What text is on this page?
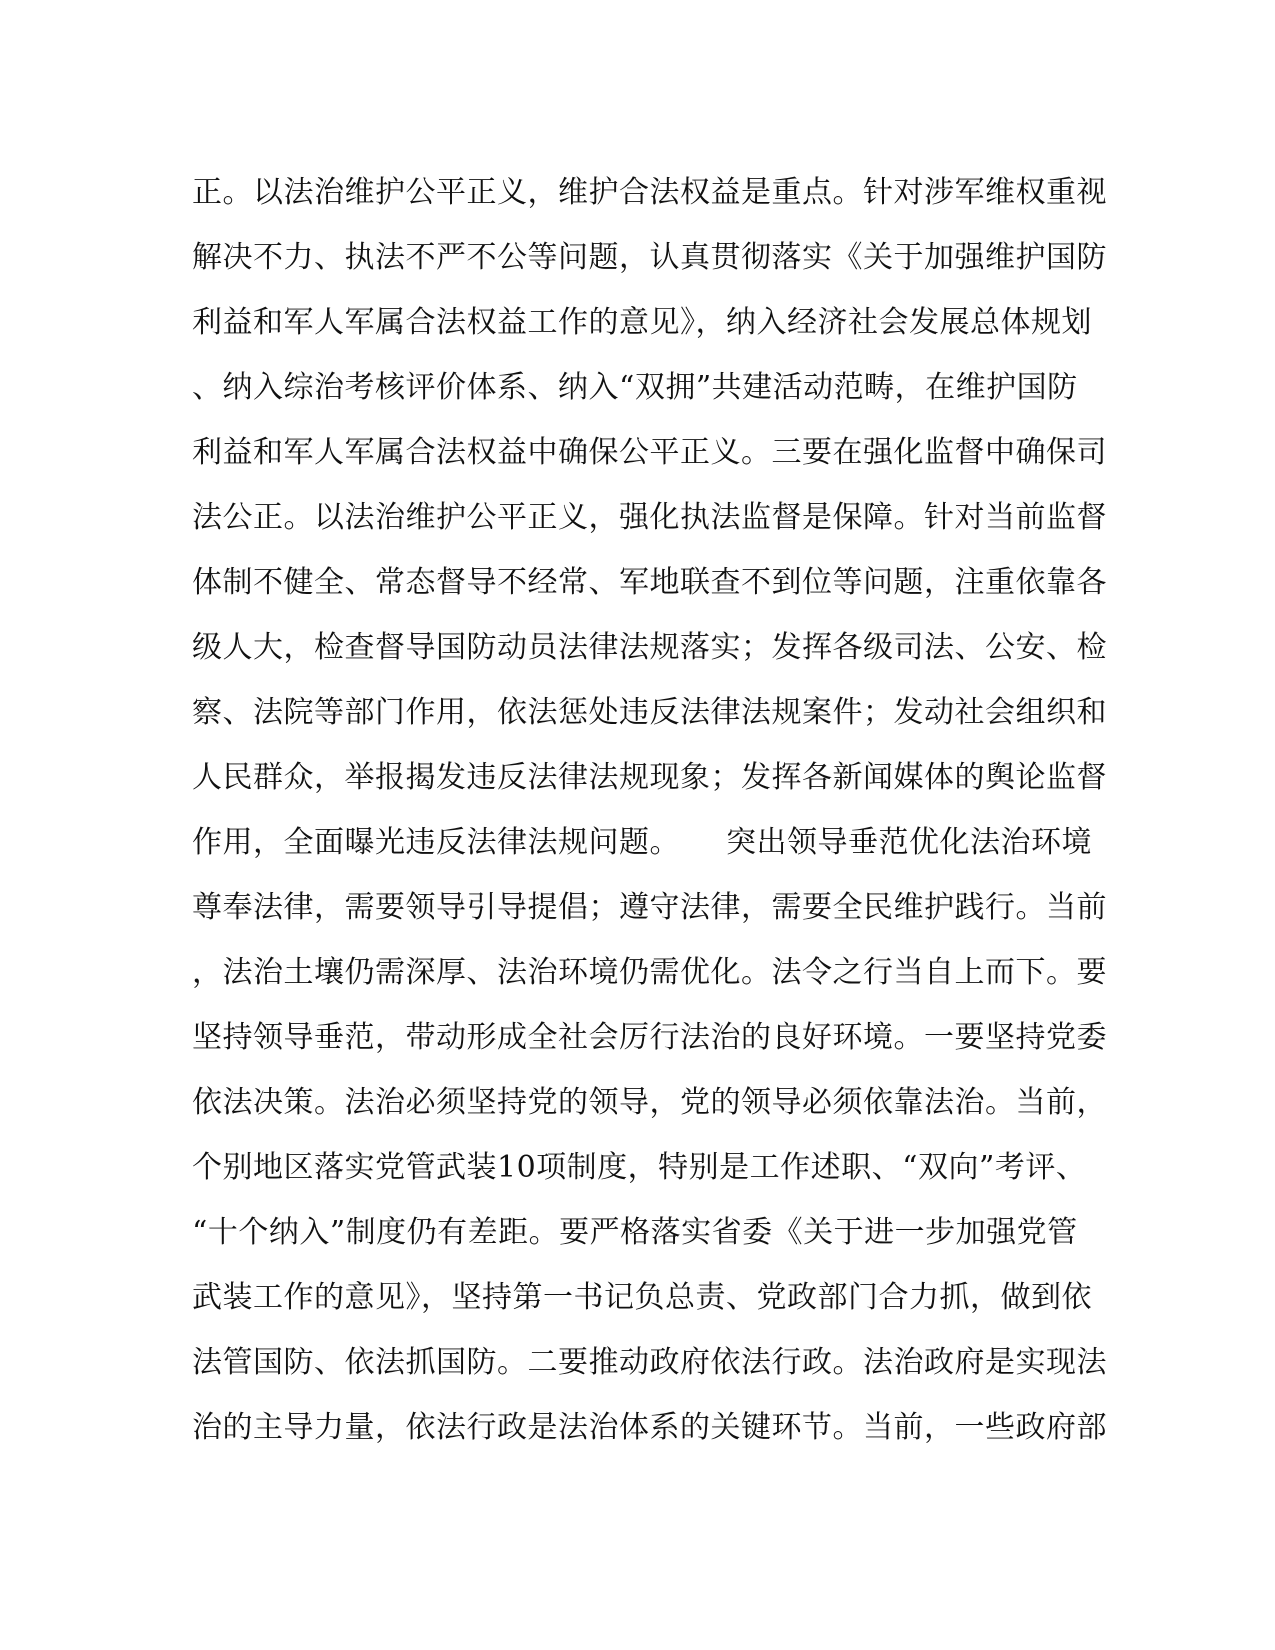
正。以法治维护公平正义，维护合法权益是重点。针对涉军维权重视
解决不力、执法不严不公等问题，认真贯彻落实《关于加强维护国防
利益和军人军属合法权益工作的意见》，纳入经济社会发展总体规划
、纳入综治考核评价体系、纳入“双拥”共建活动范畴，在维护国防
利益和军人军属合法权益中确保公平正义。三要在强化监督中确保司
法公正。以法治维护公平正义，强化执法监督是保障。针对当前监督
体制不健全、常态督导不经常、军地联查不到位等问题，注重依靠各
级人大，检查督导国防动员法律法规落实；发挥各级司法、公安、检
察、法院等部门作用，依法惩处违反法律法规案件；发动社会组织和
人民群众，举报揭发违反法律法规现象；发挥各新闻媒体的舆论监督
作用，全面曝光违反法律法规问题。　　突出领导垂范优化法治环境
尊奉法律，需要领导引导提倡；遵守法律，需要全民维护践行。当前
，法治土壤仍需深厚、法治环境仍需优化。法令之行当自上而下。要
坚持领导垂范，带动形成全社会厉行法治的良好环境。一要坚持党委
依法决策。法治必须坚持党的领导，党的领导必须依靠法治。当前，
个别地区落实党管武装10项制度，特别是工作述职、“双向”考评、
“十个纳入”制度仍有差距。要严格落实省委《关于进一步加强党管
武装工作的意见》，坚持第一书记负总责、党政部门合力抓，做到依
法管国防、依法抓国防。二要推动政府依法行政。法治政府是实现法
治的主导力量，依法行政是法治体系的关键环节。当前，一些政府部
